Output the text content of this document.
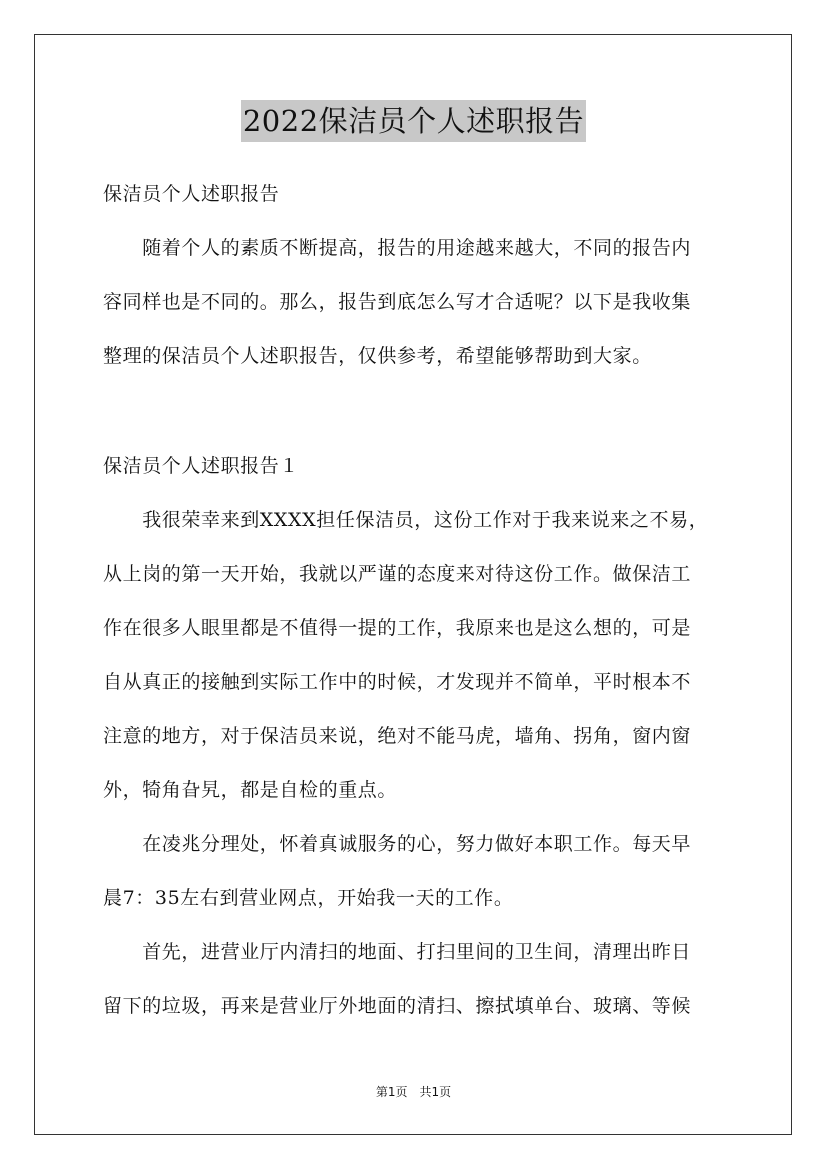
2022保洁员个人述职报告
保洁员个人述职报告
　　随着个人的素质不断提高，报告的用途越来越大，不同的报告内
容同样也是不同的。那么，报告到底怎么写才合适呢？以下是我收集
整理的保洁员个人述职报告，仅供参考，希望能够帮助到大家。
保洁员个人述职报告１
　　我很荣幸来到XXXX担任保洁员，这份工作对于我来说来之不易，
从上岗的第一天开始，我就以严谨的态度来对待这份工作。做保洁工
作在很多人眼里都是不值得一提的工作，我原来也是这么想的，可是
自从真正的接触到实际工作中的时候，才发现并不简单，平时根本不
注意的地方，对于保洁员来说，绝对不能马虎，墙角、拐角，窗内窗
外，犄角旮旯，都是自检的重点。
　　在凌兆分理处，怀着真诚服务的心，努力做好本职工作。每天早
晨7：35左右到营业网点，开始我一天的工作。
　　首先，进营业厅内清扫的地面、打扫里间的卫生间，清理出昨日
留下的垃圾，再来是营业厅外地面的清扫、擦拭填单台、玻璃、等候
第1页　共1页
